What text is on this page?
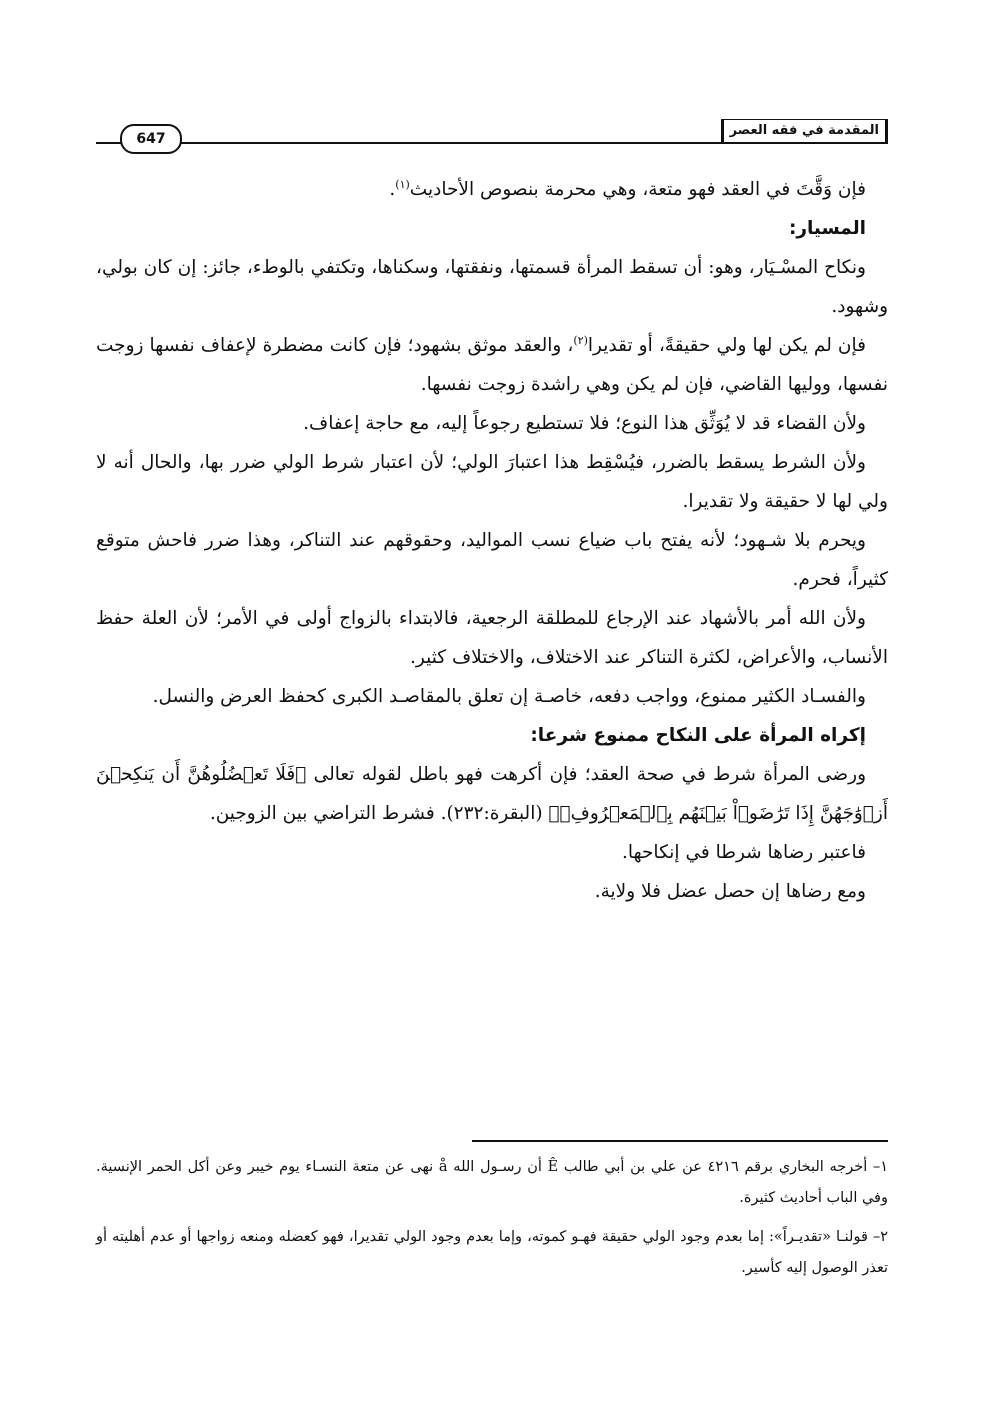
المقدمة في فقه العصر
647

فإن وَقَّتَ في العقد فهو متعة، وهي محرمة بنصوص الأحاديث$^{(١)}$.

المسيار:

ونكاح المسْـيَار، وهو: أن تسقط المرأة قسمتها، ونفقتها، وسكناها، وتكتفي بالوطء، جائز: إن كان بولي، وشهود.

فإن لم يكن لها ولي حقيقةً، أو تقديرا$^{(٢)}$، والعقد موثق بشهود؛ فإن كانت مضطرة لإعفاف نفسها زوجت نفسها، ووليها القاضي، فإن لم يكن وهي راشدة زوجت نفسها.

ولأن القضاء قد لا يُوَثِّق هذا النوع؛ فلا تستطيع رجوعاً إليه، مع حاجة إعفاف.

ولأن الشرط يسقط بالضرر، فيُسْقِط هذا اعتبارَ الولي؛ لأن اعتبار شرط الولي ضرر بها، والحال أنه لا ولي لها لا حقيقة ولا تقديرا.

ويحرم بلا شـهود؛ لأنه يفتح باب ضياع نسب المواليد، وحقوقهم عند التناكر، وهذا ضرر فاحش متوقع كثيراً، فحرم.

ولأن الله أمر بالأشهاد عند الإرجاع للمطلقة الرجعية، فالابتداء بالزواج أولى في الأمر؛ لأن العلة حفظ الأنساب، والأعراض، لكثرة التناكر عند الاختلاف، والاختلاف كثير.

والفسـاد الكثير ممنوع، وواجب دفعه، خاصـة إن تعلق بالمقاصـد الكبرى كحفظ العرض والنسل.

إكراه المرأة على النكاح ممنوع شرعا:

ورضى المرأة شرط في صحة العقد؛ فإن أكرهت فهو باطل لقوله تعالى ﴿فَلَا تَعۡضُلُوهُنَّ أَن يَنكِحۡنَ أَزۡوَٰجَهُنَّ إِذَا تَرَٰضَوۡاْ بَيۡنَهُم بِٱلۡمَعۡرُوفِۗ﴾ (البقرة:٢٣٢). فشرط التراضي بين الزوجين.

فاعتبر رضاها شرطا في إنكاحها.

ومع رضاها إن حصل عضل فلا ولاية.

١– أخرجه البخاري برقم ٤٢١٦ عن علي بن أبي طالب Ê أن رسـول الله å نهى عن متعة النسـاء يوم خيبر وعن أكل الحمر الإنسية. وفي الباب أحاديث كثيرة.

٢– قولنـا «تقديـراً»: إما بعدم وجود الولي حقيقة فهـو كموته، وإما بعدم وجود الولي تقديرا، فهو كعضله ومنعه زواجها أو عدم أهليته أو تعذر الوصول إليه كأسير.
